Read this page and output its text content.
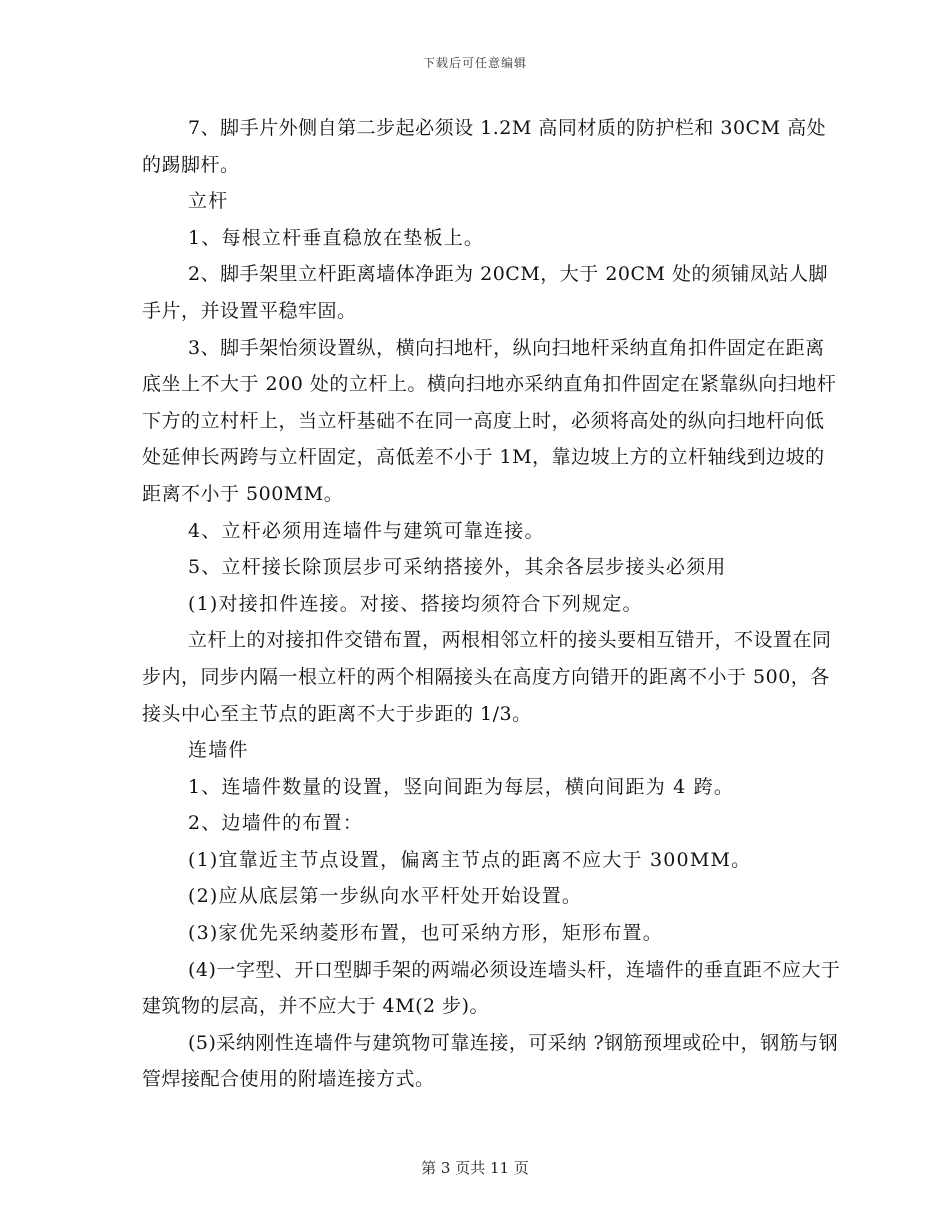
下载后可任意编辑

7、脚手片外侧自第二步起必须设 1.2M 高同材质的防护栏和 30CM 高处的踢脚杆。

立杆

1、每根立杆垂直稳放在垫板上。

2、脚手架里立杆距离墙体净距为 20CM，大于 20CM 处的须铺凤站人脚手片，并设置平稳牢固。

3、脚手架怡须设置纵，横向扫地杆，纵向扫地杆采纳直角扣件固定在距离底坐上不大于 200 处的立杆上。横向扫地亦采纳直角扣件固定在紧靠纵向扫地杆下方的立村杆上，当立杆基础不在同一高度上时，必须将高处的纵向扫地杆向低处延伸长两跨与立杆固定，高低差不小于 1M，靠边坡上方的立杆轴线到边坡的距离不小于 500MM。

4、立杆必须用连墙件与建筑可靠连接。

5、立杆接长除顶层步可采纳搭接外，其余各层步接头必须用

(1)对接扣件连接。对接、搭接均须符合下列规定。

立杆上的对接扣件交错布置，两根相邻立杆的接头要相互错开，不设置在同步内，同步内隔一根立杆的两个相隔接头在高度方向错开的距离不小于 500，各接头中心至主节点的距离不大于步距的 1/3。

连墙件

1、连墙件数量的设置，竖向间距为每层，横向间距为 4 跨。

2、边墙件的布置：

(1)宜靠近主节点设置，偏离主节点的距离不应大于 300MM。

(2)应从底层第一步纵向水平杆处开始设置。

(3)家优先采纳菱形布置，也可采纳方形，矩形布置。

(4)一字型、开口型脚手架的两端必须设连墙头杆，连墙件的垂直距不应大于建筑物的层高，并不应大于 4M(2 步)。

(5)采纳刚性连墙件与建筑物可靠连接，可采纳 ?钢筋预埋或砼中，钢筋与钢管焊接配合使用的附墙连接方式。

第 3 页共 11 页
